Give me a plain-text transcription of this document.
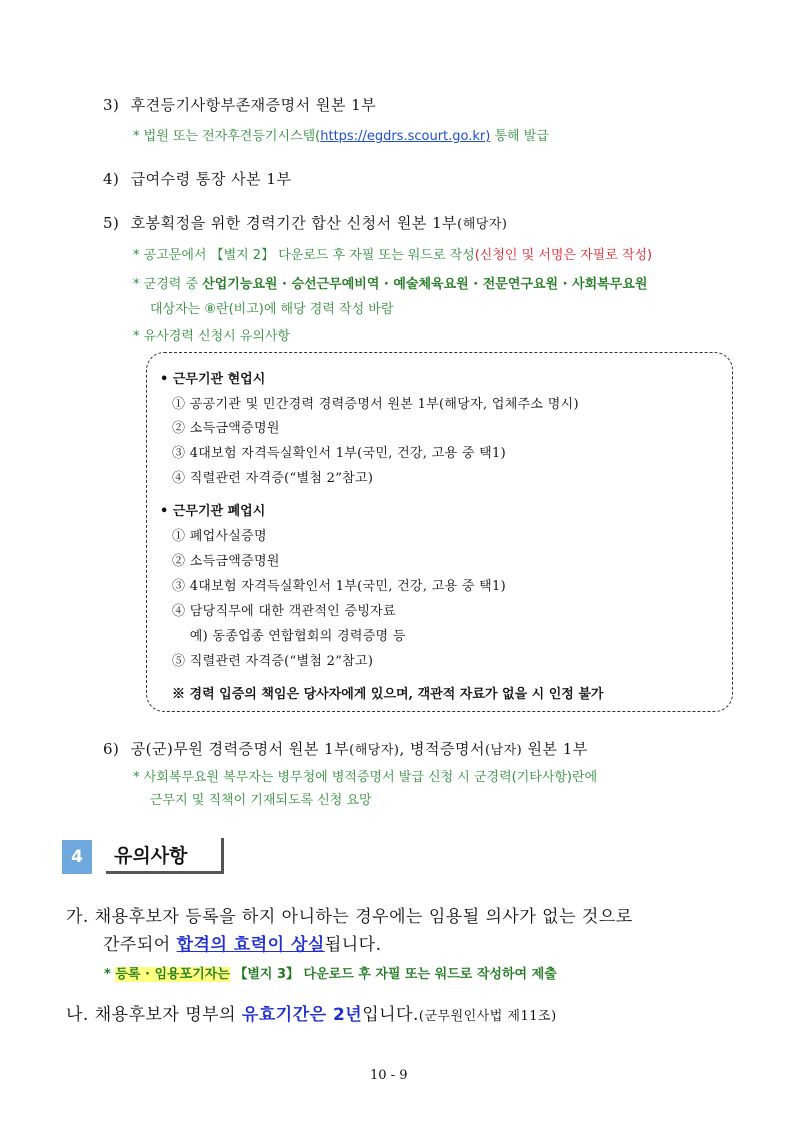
3) 후견등기사항부존재증명서 원본 1부
* 법원 또는 전자후견등기시스템(https://egdrs.scourt.go.kr) 통해 발급
4) 급여수령 통장 사본 1부
5) 호봉획정을 위한 경력기간 합산 신청서 원본 1부(해당자)
* 공고문에서 【별지 2】 다운로드 후 자필 또는 워드로 작성(신청인 및 서명은 자필로 작성)
* 군경력 중 산업기능요원 · 승선근무예비역 · 예술체육요원 · 전문연구요원 · 사회복무요원
대상자는 ⑧란(비고)에 해당 경력 작성 바람
* 유사경력 신청시 유의사항
• 근무기관 현업시
① 공공기관 및 민간경력 경력증명서 원본 1부(해당자, 업체주소 명시)
② 소득금액증명원
③ 4대보험 자격득실확인서 1부(국민, 건강, 고용 중 택1)
④ 직렬관련 자격증(“별첨 2”참고)
• 근무기관 폐업시
① 폐업사실증명
② 소득금액증명원
③ 4대보험 자격득실확인서 1부(국민, 건강, 고용 중 택1)
④ 담당직무에 대한 객관적인 증빙자료
예) 동종업종 연합협회의 경력증명 등
⑤ 직렬관련 자격증(“별첨 2”참고)
※ 경력 입증의 책임은 당사자에게 있으며, 객관적 자료가 없을 시 인정 불가
6) 공(군)무원 경력증명서 원본 1부(해당자), 병적증명서(남자) 원본 1부
* 사회복무요원 복무자는 병무청에 병적증명서 발급 신청 시 군경력(기타사항)란에
근무지 및 직책이 기재되도록 신청 요망
4	유의사항
가. 채용후보자 등록을 하지 아니하는 경우에는 임용될 의사가 없는 것으로
간주되어 합격의 효력이 상실됩니다.
* 등록 · 임용포기자는 【별지 3】 다운로드 후 자필 또는 워드로 작성하여 제출
나. 채용후보자 명부의 유효기간은 2년입니다.(군무원인사법 제11조)
10 - 9
